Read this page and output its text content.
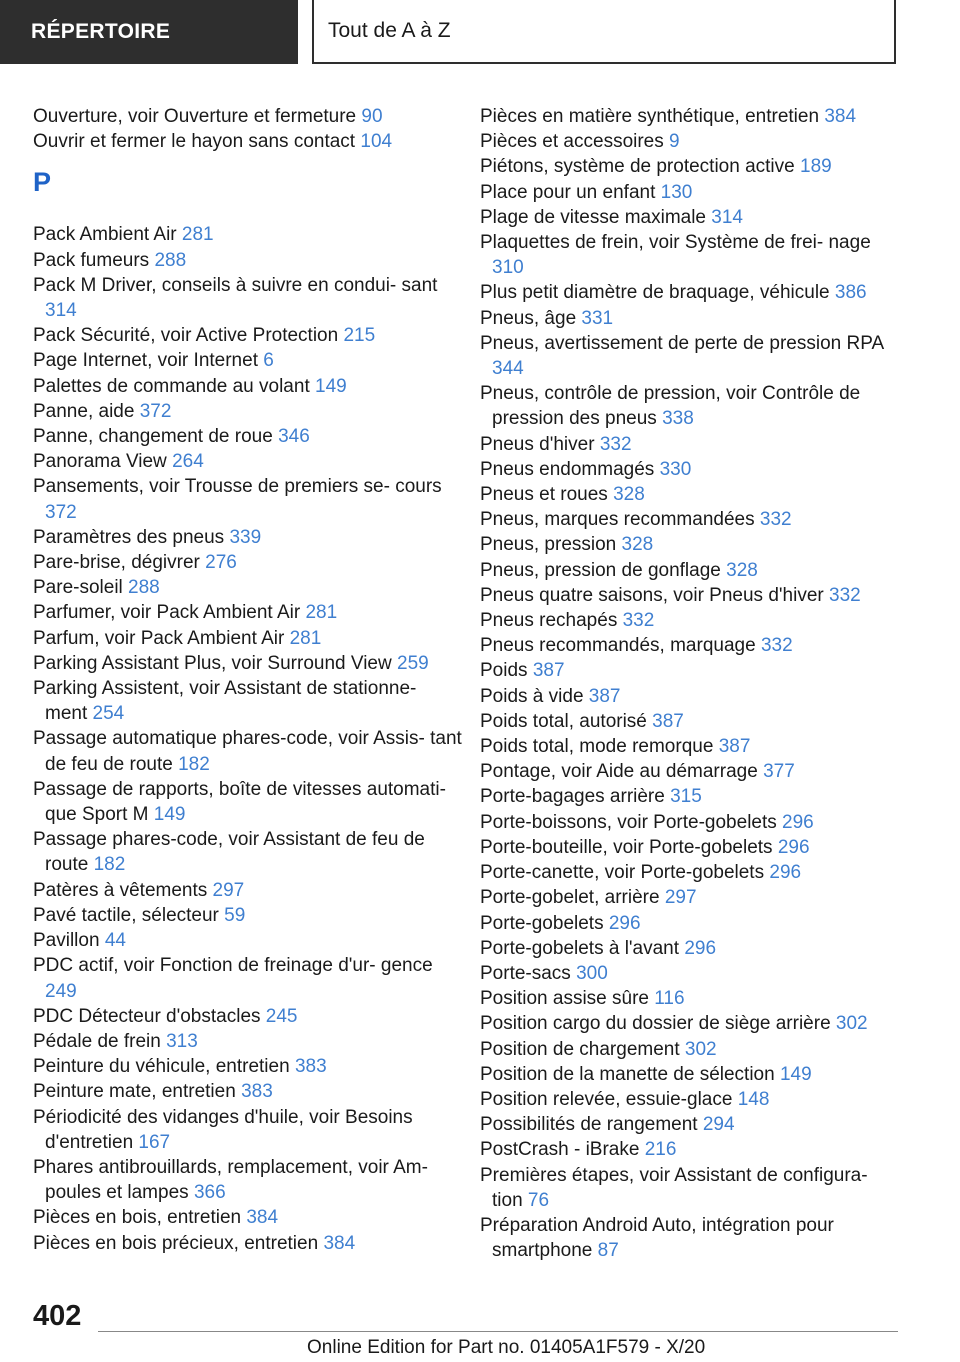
RÉPERTOIRE	Tout de A à Z
Ouverture, voir Ouverture et fermeture 90
Ouvrir et fermer le hayon sans contact 104
P
Pack Ambient Air 281
Pack fumeurs 288
Pack M Driver, conseils à suivre en condui‐ sant 314
Pack Sécurité, voir Active Protection 215
Page Internet, voir Internet 6
Palettes de commande au volant 149
Panne, aide 372
Panne, changement de roue 346
Panorama View 264
Pansements, voir Trousse de premiers se‐ cours 372
Paramètres des pneus 339
Pare-brise, dégivrer 276
Pare-soleil 288
Parfumer, voir Pack Ambient Air 281
Parfum, voir Pack Ambient Air 281
Parking Assistant Plus, voir Surround View 259
Parking Assistent, voir Assistant de stationne‐ ment 254
Passage automatique phares-code, voir Assis‐ tant de feu de route 182
Passage de rapports, boîte de vitesses automati‐ que Sport M 149
Passage phares-code, voir Assistant de feu de route 182
Patères à vêtements 297
Pavé tactile, sélecteur 59
Pavillon 44
PDC actif, voir Fonction de freinage d'ur‐ gence 249
PDC Détecteur d'obstacles 245
Pédale de frein 313
Peinture du véhicule, entretien 383
Peinture mate, entretien 383
Périodicité des vidanges d'huile, voir Besoins d'entretien 167
Phares antibrouillards, remplacement, voir Am‐ poules et lampes 366
Pièces en bois, entretien 384
Pièces en bois précieux, entretien 384
Pièces en matière synthétique, entretien 384
Pièces et accessoires 9
Piétons, système de protection active 189
Place pour un enfant 130
Plage de vitesse maximale 314
Plaquettes de frein, voir Système de frei‐ nage 310
Plus petit diamètre de braquage, véhicule 386
Pneus, âge 331
Pneus, avertissement de perte de pression RPA 344
Pneus, contrôle de pression, voir Contrôle de pression des pneus 338
Pneus d'hiver 332
Pneus endommagés 330
Pneus et roues 328
Pneus, marques recommandées 332
Pneus, pression 328
Pneus, pression de gonflage 328
Pneus quatre saisons, voir Pneus d'hiver 332
Pneus rechapés 332
Pneus recommandés, marquage 332
Poids 387
Poids à vide 387
Poids total, autorisé 387
Poids total, mode remorque 387
Pontage, voir Aide au démarrage 377
Porte-bagages arrière 315
Porte-boissons, voir Porte-gobelets 296
Porte-bouteille, voir Porte-gobelets 296
Porte-canette, voir Porte-gobelets 296
Porte-gobelet, arrière 297
Porte-gobelets 296
Porte-gobelets à l'avant 296
Porte-sacs 300
Position assise sûre 116
Position cargo du dossier de siège arrière 302
Position de chargement 302
Position de la manette de sélection 149
Position relevée, essuie-glace 148
Possibilités de rangement 294
PostCrash - iBrake 216
Premières étapes, voir Assistant de configura‐ tion 76
Préparation Android Auto, intégration pour smartphone 87
402
Online Edition for Part no. 01405A1F579 - X/20
